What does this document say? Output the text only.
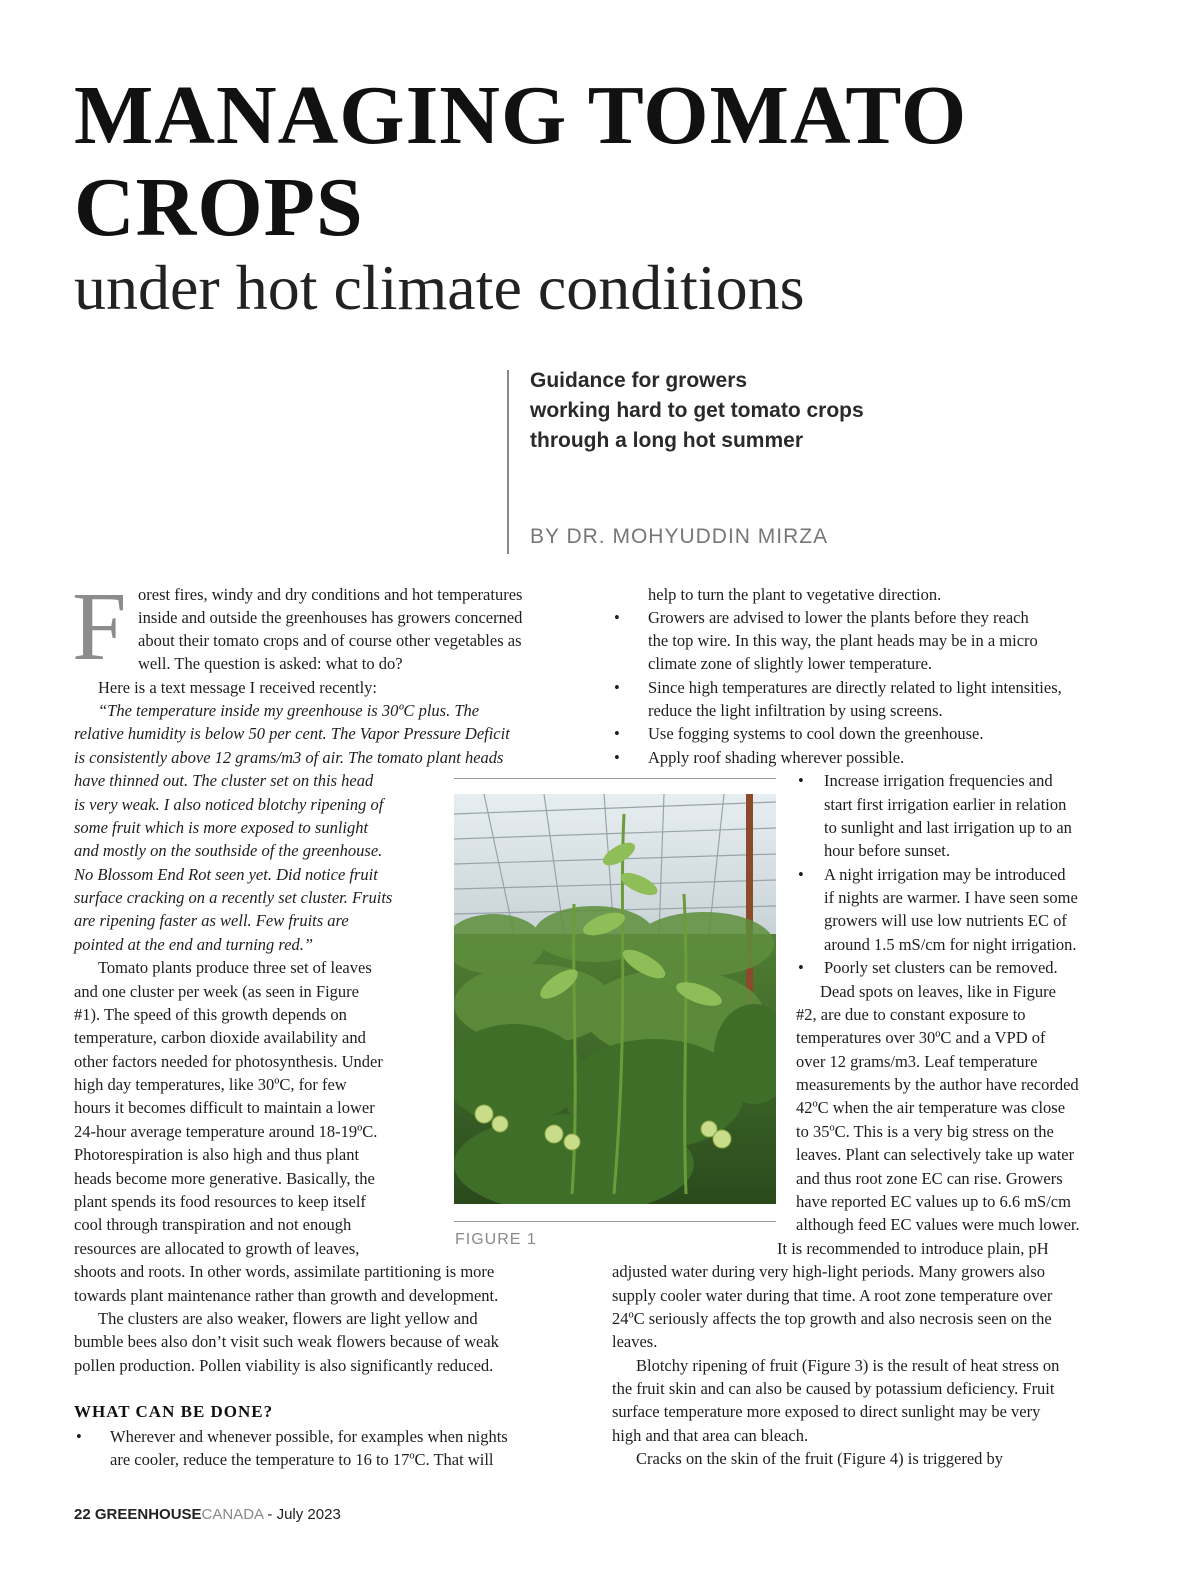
MANAGING TOMATO
CROPS
under hot climate conditions
Guidance for growers
working hard to get tomato crops
through a long hot summer
BY DR. MOHYUDDIN MIRZA
F orest fires, windy and dry conditions and hot temperatures
inside and outside the greenhouses has growers concerned
about their tomato crops and of course other vegetables as
well. The question is asked: what to do?
Here is a text message I received recently:
“The temperature inside my greenhouse is 30ºC plus. The
relative humidity is below 50 per cent. The Vapor Pressure Deficit
is consistently above 12 grams/m3 of air. The tomato plant heads
have thinned out. The cluster set on this head
is very weak. I also noticed blotchy ripening of
some fruit which is more exposed to sunlight
and mostly on the southside of the greenhouse.
No Blossom End Rot seen yet. Did notice fruit
surface cracking on a recently set cluster. Fruits
are ripening faster as well. Few fruits are
pointed at the end and turning red.”
Tomato plants produce three set of leaves
and one cluster per week (as seen in Figure
#1). The speed of this growth depends on
temperature, carbon dioxide availability and
other factors needed for photosynthesis. Under
high day temperatures, like 30ºC, for few
hours it becomes difficult to maintain a lower
24-hour average temperature around 18-19ºC.
Photorespiration is also high and thus plant
heads become more generative. Basically, the
plant spends its food resources to keep itself
cool through transpiration and not enough
resources are allocated to growth of leaves,
shoots and roots. In other words, assimilate partitioning is more
towards plant maintenance rather than growth and development.
The clusters are also weaker, flowers are light yellow and
bumble bees also don’t visit such weak flowers because of weak
pollen production. Pollen viability is also significantly reduced.
WHAT CAN BE DONE?
• Wherever and whenever possible, for examples when nights
are cooler, reduce the temperature to 16 to 17ºC. That will
help to turn the plant to vegetative direction.
• Growers are advised to lower the plants before they reach
the top wire. In this way, the plant heads may be in a micro
climate zone of slightly lower temperature.
• Since high temperatures are directly related to light intensities,
reduce the light infiltration by using screens.
• Use fogging systems to cool down the greenhouse.
• Apply roof shading wherever possible.
• Increase irrigation frequencies and
start first irrigation earlier in relation
to sunlight and last irrigation up to an
hour before sunset.
• A night irrigation may be introduced
if nights are warmer. I have seen some
growers will use low nutrients EC of
around 1.5 mS/cm for night irrigation.
• Poorly set clusters can be removed.
Dead spots on leaves, like in Figure
#2, are due to constant exposure to
temperatures over 30ºC and a VPD of
over 12 grams/m3. Leaf temperature
measurements by the author have recorded
42ºC when the air temperature was close
to 35ºC. This is a very big stress on the
leaves. Plant can selectively take up water
and thus root zone EC can rise. Growers
have reported EC values up to 6.6 mS/cm
although feed EC values were much lower.
It is recommended to introduce plain, pH
adjusted water during very high-light periods. Many growers also
supply cooler water during that time. A root zone temperature over
24ºC seriously affects the top growth and also necrosis seen on the
leaves.
Blotchy ripening of fruit (Figure 3) is the result of heat stress on
the fruit skin and can also be caused by potassium deficiency. Fruit
surface temperature more exposed to direct sunlight may be very
high and that area can bleach.
Cracks on the skin of the fruit (Figure 4) is triggered by
FIGURE 1
22 GREENHOUSECANADA - July 2023
